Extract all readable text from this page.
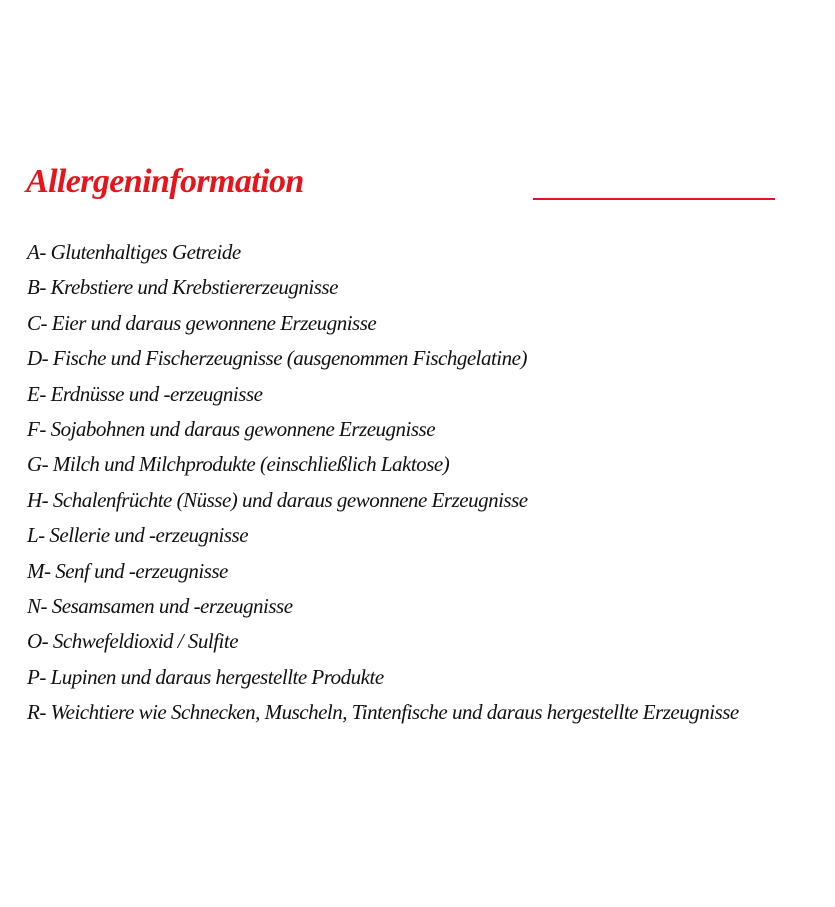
Allergeninformation
A- Glutenhaltiges Getreide
B- Krebstiere und Krebstiererzeugnisse
C- Eier und daraus gewonnene Erzeugnisse
D- Fische und Fischerzeugnisse (ausgenommen Fischgelatine)
E- Erdnüsse und -erzeugnisse
F- Sojabohnen und daraus gewonnene Erzeugnisse
G- Milch und Milchprodukte (einschließlich Laktose)
H- Schalenfrüchte (Nüsse) und daraus gewonnene Erzeugnisse
L- Sellerie und -erzeugnisse
M- Senf und -erzeugnisse
N- Sesamsamen und -erzeugnisse
O- Schwefeldioxid / Sulfite
P- Lupinen und daraus hergestellte Produkte
R- Weichtiere wie Schnecken, Muscheln, Tintenfische und daraus hergestellte Erzeugnisse
